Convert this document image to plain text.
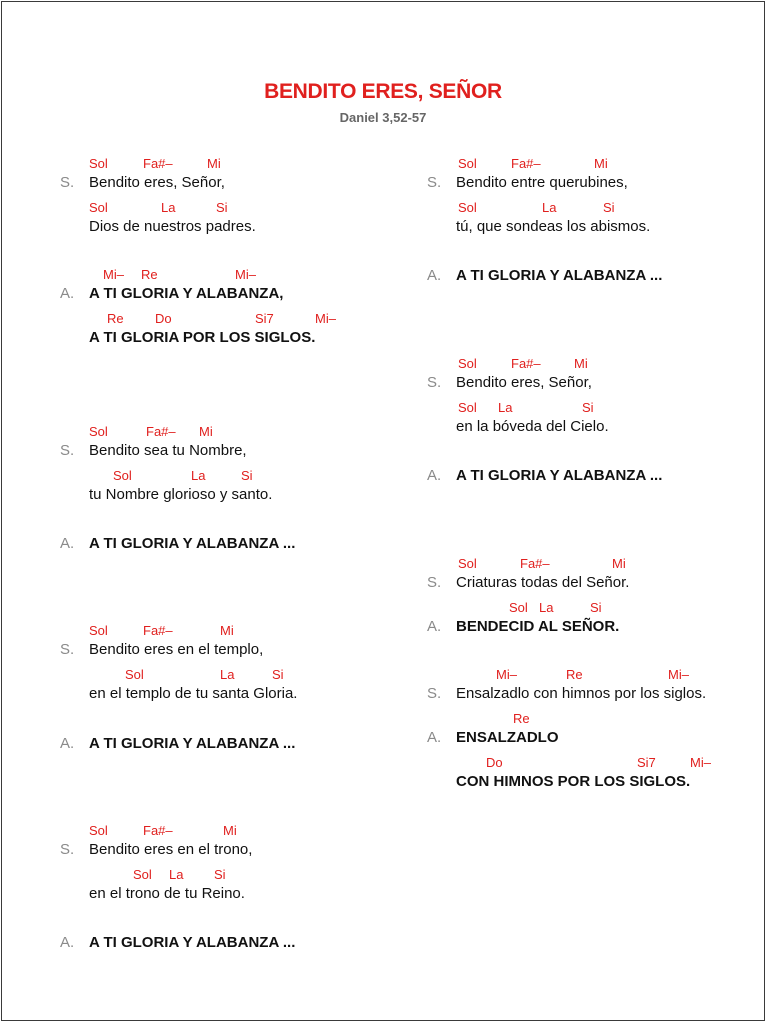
BENDITO ERES, SEÑOR
Daniel 3,52-57
Sol	Fa#–	Mi
S. Bendito eres, Señor,
Sol	La	Si
Dios de nuestros padres.
Mi– Re	Mi–
A. A TI GLORIA Y ALABANZA,
Re Do	Si7	Mi–
A TI GLORIA POR LOS SIGLOS.
Sol	Fa#– Mi
S. Bendito sea tu Nombre,
Sol	La	Si
tu Nombre glorioso y santo.
A. A TI GLORIA Y ALABANZA ...
Sol	Fa#–	Mi
S. Bendito eres en el templo,
Sol	La	Si
en el templo de tu santa Gloria.
A. A TI GLORIA Y ALABANZA ...
Sol	Fa#–	Mi
S. Bendito eres en el trono,
Sol La Si
en el trono de tu Reino.
A. A TI GLORIA Y ALABANZA ...
Sol	Fa#–	Mi
S. Bendito entre querubines,
Sol	La	Si
tú, que sondeas los abismos.
A. A TI GLORIA Y ALABANZA ...
Sol	Fa#–	Mi
S. Bendito eres, Señor,
Sol La	Si
en la bóveda del Cielo.
A. A TI GLORIA Y ALABANZA ...
Sol	Fa#–	Mi
S. Criaturas todas del Señor.
Sol La	Si
A. BENDECID AL SEÑOR.
Mi–	Re	Mi–
S. Ensalzadlo con himnos por los siglos.
Re
A. ENSALZADLO
Do	Si7	Mi–
CON HIMNOS POR LOS SIGLOS.
